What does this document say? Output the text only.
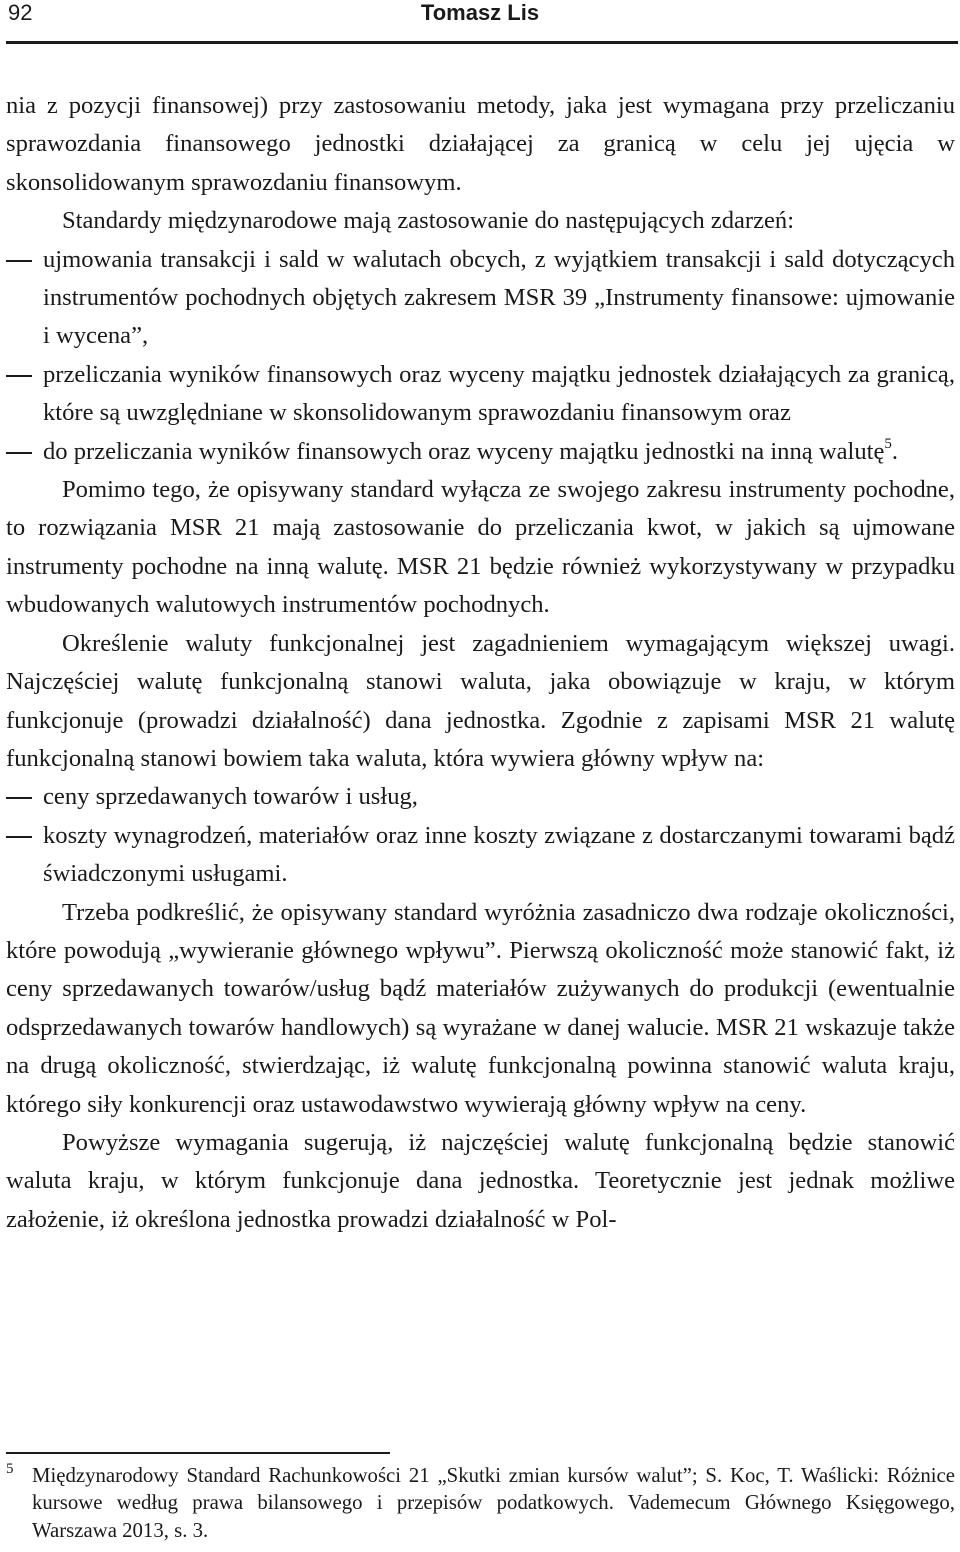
92	Tomasz Lis

nia z pozycji finansowej) przy zastosowaniu metody, jaka jest wymagana przy przeliczaniu sprawozdania finansowego jednostki działającej za granicą w celu jej ujęcia w skonsolidowanym sprawozdaniu finansowym.

Standardy międzynarodowe mają zastosowanie do następujących zdarzeń:

ujmowania transakcji i sald w walutach obcych, z wyjątkiem transakcji i sald dotyczących instrumentów pochodnych objętych zakresem MSR 39 „Instrumenty finansowe: ujmowanie i wycena”,
przeliczania wyników finansowych oraz wyceny majątku jednostek działających za granicą, które są uwzględniane w skonsolidowanym sprawozdaniu finansowym oraz
do przeliczania wyników finansowych oraz wyceny majątku jednostki na inną walutę$^5$.

Pomimo tego, że opisywany standard wyłącza ze swojego zakresu instrumenty pochodne, to rozwiązania MSR 21 mają zastosowanie do przeliczania kwot, w jakich są ujmowane instrumenty pochodne na inną walutę. MSR 21 będzie również wykorzystywany w przypadku wbudowanych walutowych instrumentów pochodnych.

Określenie waluty funkcjonalnej jest zagadnieniem wymagającym większej uwagi. Najczęściej walutę funkcjonalną stanowi waluta, jaka obowiązuje w kraju, w którym funkcjonuje (prowadzi działalność) dana jednostka. Zgodnie z zapisami MSR 21 walutę funkcjonalną stanowi bowiem taka waluta, która wywiera główny wpływ na:

ceny sprzedawanych towarów i usług,
koszty wynagrodzeń, materiałów oraz inne koszty związane z dostarczanymi towarami bądź świadczonymi usługami.

Trzeba podkreślić, że opisywany standard wyróżnia zasadniczo dwa rodzaje okoliczności, które powodują „wywieranie głównego wpływu”. Pierwszą okoliczność może stanowić fakt, iż ceny sprzedawanych towarów/usług bądź materiałów zużywanych do produkcji (ewentualnie odsprzedawanych towarów handlowych) są wyrażane w danej walucie. MSR 21 wskazuje także na drugą okoliczność, stwierdzając, iż walutę funkcjonalną powinna stanowić waluta kraju, którego siły konkurencji oraz ustawodawstwo wywierają główny wpływ na ceny.

Powyższe wymagania sugerują, iż najczęściej walutę funkcjonalną będzie stanowić waluta kraju, w którym funkcjonuje dana jednostka. Teoretycznie jest jednak możliwe założenie, iż określona jednostka prowadzi działalność w Pol-

5 Międzynarodowy Standard Rachunkowości 21 „Skutki zmian kursów walut”; S. Koc, T. Waślicki: Różnice kursowe według prawa bilansowego i przepisów podatkowych. Vademecum Głównego Księgowego, Warszawa 2013, s. 3.
